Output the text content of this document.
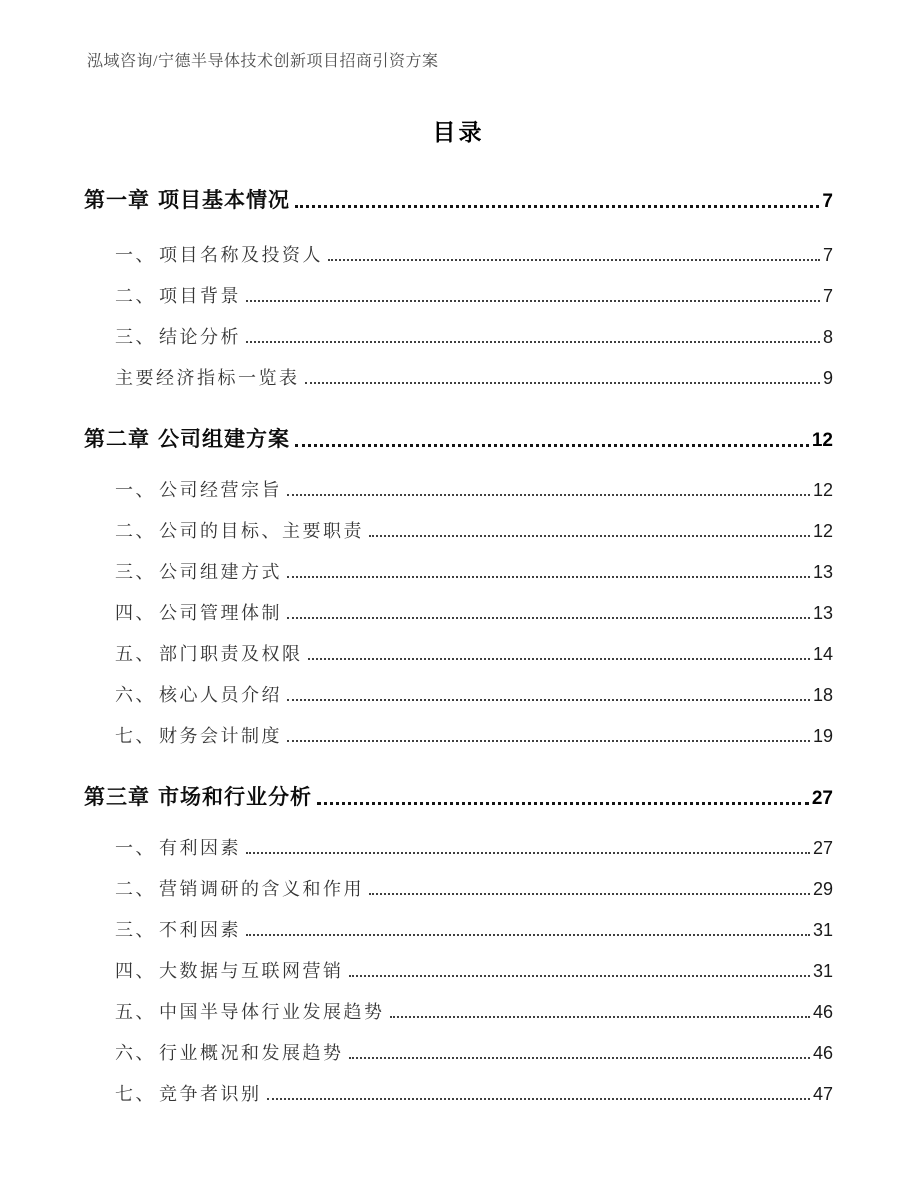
泓域咨询/宁德半导体技术创新项目招商引资方案
目录
第一章 项目基本情况	7
一、 项目名称及投资人	7
二、 项目背景	7
三、 结论分析	8
主要经济指标一览表	9
第二章 公司组建方案	12
一、 公司经营宗旨	12
二、 公司的目标、主要职责	12
三、 公司组建方式	13
四、 公司管理体制	13
五、 部门职责及权限	14
六、 核心人员介绍	18
七、 财务会计制度	19
第三章 市场和行业分析	27
一、 有利因素	27
二、 营销调研的含义和作用	29
三、 不利因素	31
四、 大数据与互联网营销	31
五、 中国半导体行业发展趋势	46
六、 行业概况和发展趋势	46
七、 竞争者识别	47
